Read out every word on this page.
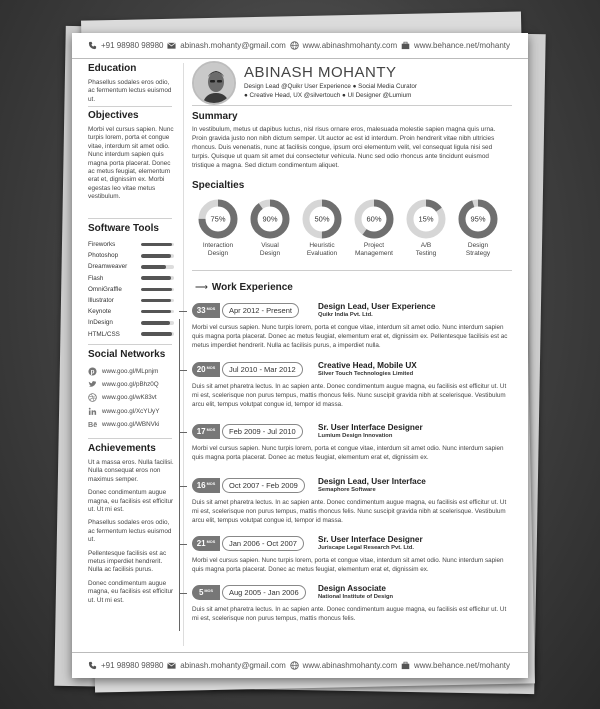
+91 98980 98980 abinash.mohanty@gmail.com www.abinashmohanty.com www.behance.net/mohanty
+91 98980 98980 abinash.mohanty@gmail.com www.abinashmohanty.com www.behance.net/mohanty
Education

Phasellus sodales eros odio, ac fermentum lectus euismod ut.

Objectives

Morbi vel cursus sapien. Nunc turpis lorem, porta et congue vitae, interdum sit amet odio. Nunc interdum sapien quis magna porta placerat. Donec ac metus feugiat, elementum erat et, dignissim ex. Morbi egestas leo vitae metus vestibulum.

Software Tools
Fireworks
Photoshop
Dreamweaver
Flash
OmniGraffle
Illustrator
Keynote
InDesign
HTML/CSS
Social Networks
p www.goo.gl/MLpnjm
www.goo.gl/pBhz0Q
www.goo.gl/wK83vt
www.goo.gl/XcYUyY
Bē www.goo.gl/WBNVki
Achievements

Ut a massa eros. Nulla facilisi. Nulla consequat eros non maximus semper.

Donec condimentum augue magna, eu facilisis est efficitur ut. Ut mi est.

Phasellus sodales eros odio, ac fermentum lectus euismod ut.

Pellentesque facilisis est ac metus imperdiet hendrerit. Nulla ac facilisis purus.

Donec condimentum augue magna, eu facilisis est efficitur ut. Ut mi est.

ABINASH MOHANTY
Design Lead @Quikr User Experience ● Social Media Curator
● Creative Head, UX @silvertouch ● UI Designer @Lumium
Summary

In vestibulum, metus ut dapibus luctus, nisl risus ornare eros, malesuada molestie sapien magna quis urna. Proin gravida justo non nibh dictum semper. Ut auctor ac est id interdum. Proin hendrerit vitae nibh ultricies rhoncus. Duis venenatis, nunc at facilisis congue, ipsum orci elementum velit, vel consequat ligula nisi sed turpis. Quisque ut quam sit amet dui consectetur vehicula. Nunc sed odio rhoncus ante tincidunt euismod tristique a magna. Sed dictum condimentum aliquet.

Specialties
75%
Interaction
Design
90%
Visual
Design
50%
Heuristic
Evaluation
60%
Project
Management
15%
A/B
Testing
95%
Design
Strategy
⟶ Work Experience
33 $^{MOS}$	Apr 2012 - Present	Design Lead, User Experience
Quikr India Pvt. Ltd.
Morbi vel cursus sapien. Nunc turpis lorem, porta et congue vitae, interdum sit amet odio. Nunc interdum sapien quis magna porta placerat. Donec ac metus feugiat, elementum erat et, dignissim ex. Pellentesque facilisis est ac metus imperdiet hendrerit. Nulla ac facilisis purus, a imperdiet nulla.
20 $^{MOS}$	Jul 2010 - Mar 2012	Creative Head, Mobile UX
Silver Touch Technologies Limited
Duis sit amet pharetra lectus. In ac sapien ante. Donec condimentum augue magna, eu facilisis est efficitur ut. Ut mi est, scelerisque non purus tempus, mattis rhoncus felis. Nunc suscipit gravida nibh at scelerisque. Vestibulum arcu elit, tempus volutpat congue id, tempor id massa.
17 $^{MOS}$	Feb 2009 - Jul 2010	Sr. User Interface Designer
Lumium Design Innovation
Morbi vel cursus sapien. Nunc turpis lorem, porta et congue vitae, interdum sit amet odio. Nunc interdum sapien quis magna porta placerat. Donec ac metus feugiat, elementum erat et, dignissim ex.
16 $^{MOS}$	Oct 2007 - Feb 2009	Design Lead, User Interface
Semaphore Software
Duis sit amet pharetra lectus. In ac sapien ante. Donec condimentum augue magna, eu facilisis est efficitur ut. Ut mi est, scelerisque non purus tempus, mattis rhoncus felis. Nunc suscipit gravida nibh at scelerisque. Vestibulum arcu elit, tempus volutpat congue id, tempor id massa.
21 $^{MOS}$	Jan 2006 - Oct 2007	Sr. User Interface Designer
Juriscape Legal Research Pvt. Ltd.
Morbi vel cursus sapien. Nunc turpis lorem, porta et congue vitae, interdum sit amet odio. Nunc interdum sapien quis magna porta placerat. Donec ac metus feugiat, elementum erat et, dignissim ex.
5 $^{MOS}$	Aug 2005 - Jan 2006	Design Associate
National Institute of Design
Duis sit amet pharetra lectus. In ac sapien ante. Donec condimentum augue magna, eu facilisis est efficitur ut. Ut mi est, scelerisque non purus tempus, mattis rhoncus felis.
